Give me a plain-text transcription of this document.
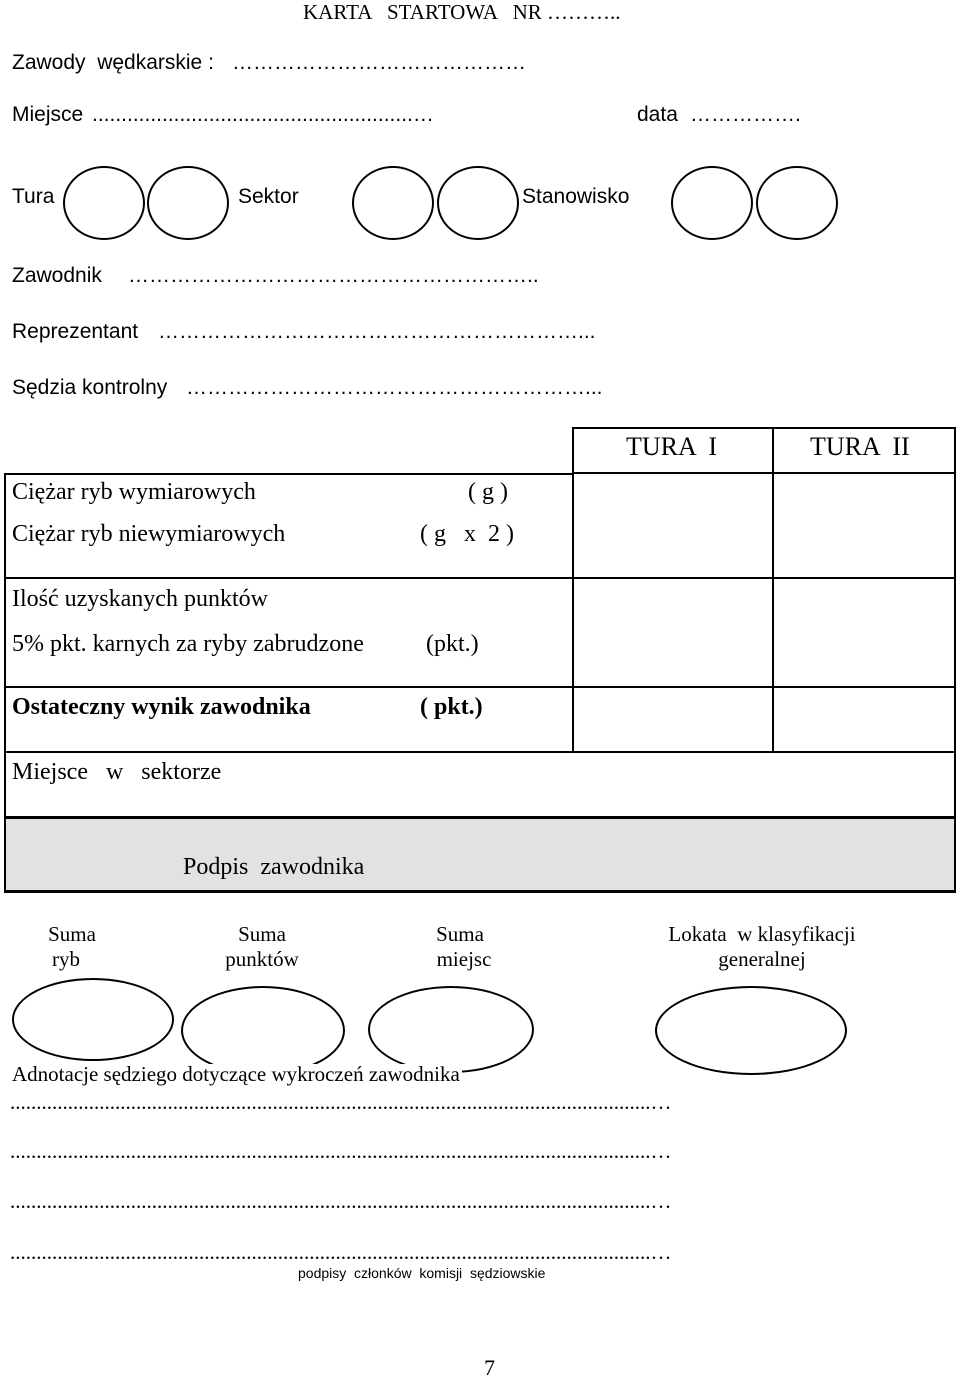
KARTA   STARTOWA   NR ………..
Zawody  wędkarskie : ……………………………………
Miejsce .......................................................…	data …………….
Tura	Sektor	Stanowisko
Zawodnik …………………………………………………..
Reprezentant ……………………………………………………...
Sędzia kontrolny …………………………………………………...
TURA  I	TURA  II
Ciężar ryb wymiarowych	( g )
Ciężar ryb niewymiarowych	( g   x  2 )
Ilość uzyskanych punktów
5% pkt. karnych za ryby zabrudzone	(pkt.)
Ostateczny wynik zawodnika	( pkt.)
Miejsce   w   sektorze
Podpis  zawodnika
Suma
ryb
Suma
punktów
Suma
miejsc
Lokata  w klasyfikacji
generalnej
Adnotacje sędziego dotyczące wykroczeń zawodnika
..........................................................................................................................…
..........................................................................................................................…
..........................................................................................................................…
..........................................................................................................................…
podpisy  członków  komisji  sędziowskie
7
